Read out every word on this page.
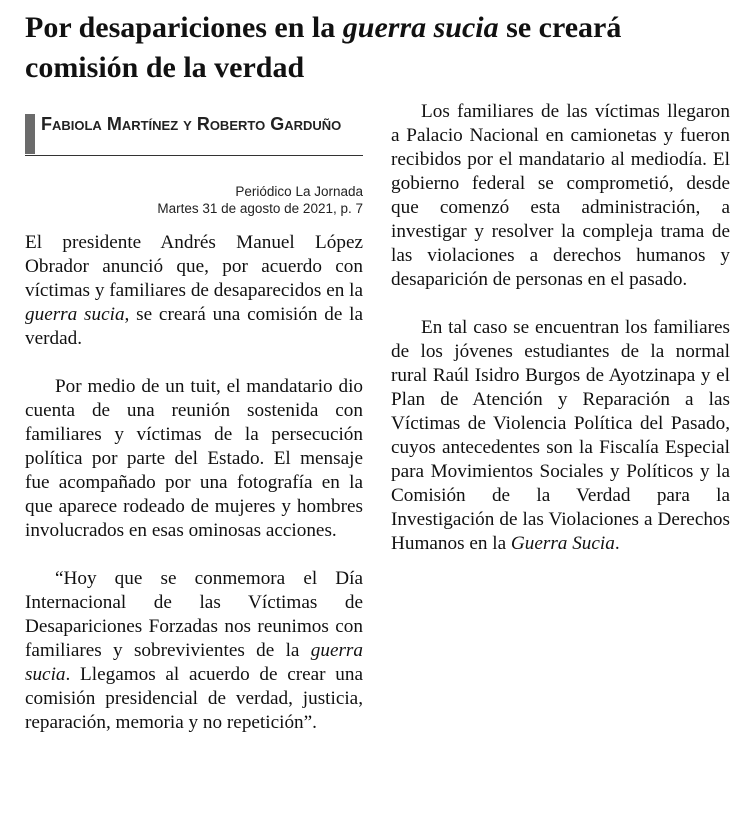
Por desapariciones en la guerra sucia se creará comisión de la verdad
Fabiola Martínez y Roberto Garduño
Periódico La Jornada
Martes 31 de agosto de 2021, p. 7

El presidente Andrés Manuel López Obrador anunció que, por acuerdo con víctimas y familiares de desaparecidos en la guerra sucia, se creará una comisión de la verdad.

Por medio de un tuit, el mandatario dio cuenta de una reunión sostenida con familiares y víctimas de la persecución política por parte del Estado. El mensaje fue acompañado por una fotografía en la que aparece rodeado de mujeres y hombres involucrados en esas ominosas acciones.

“Hoy que se conmemora el Día Internacional de las Víctimas de Desapariciones Forzadas nos reunimos con familiares y sobrevivientes de la guerra sucia. Llegamos al acuerdo de crear una comisión presidencial de verdad, justicia, reparación, memoria y no repetición”.

Los familiares de las víctimas llegaron a Palacio Nacional en camionetas y fueron recibidos por el mandatario al mediodía. El gobierno federal se comprometió, desde que comenzó esta administración, a investigar y resolver la compleja trama de las violaciones a derechos humanos y desaparición de personas en el pasado.

En tal caso se encuentran los familiares de los jóvenes estudiantes de la normal rural Raúl Isidro Burgos de Ayotzinapa y el Plan de Atención y Reparación a las Víctimas de Violencia Política del Pasado, cuyos antecedentes son la Fiscalía Especial para Movimientos Sociales y Políticos y la Comisión de la Verdad para la Investigación de las Violaciones a Derechos Humanos en la Guerra Sucia.
